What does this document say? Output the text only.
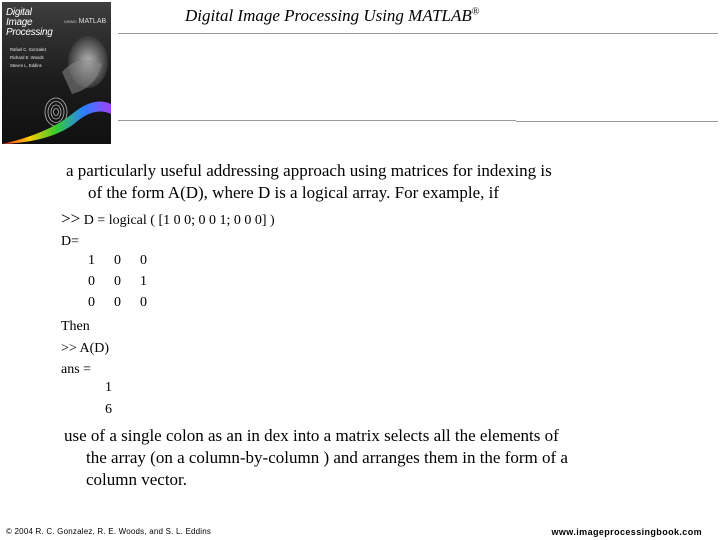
Digital
Image
Processing
USING MATLAB
Rafael C. Gonzalez
Richard E. Woods
Steven L. Eddins
Digital Image Processing Using MATLAB®
a particularly useful addressing approach using matrices for indexing is
of the form A(D), where D is a logical array. For example, if
>> D = logical ( [1 0 0; 0 0 1; 0 0 0] )
D=
1  0  0
0  0  1
0  0  0
Then
>> A(D)
ans =
1
6
use of a single colon as an in dex into a matrix selects all the elements of
the array (on a column-by-column ) and arranges them in the form of a
column vector.
© 2004 R. C. Gonzalez, R. E. Woods, and S. L. Eddins	www.imageprocessingbook.com
